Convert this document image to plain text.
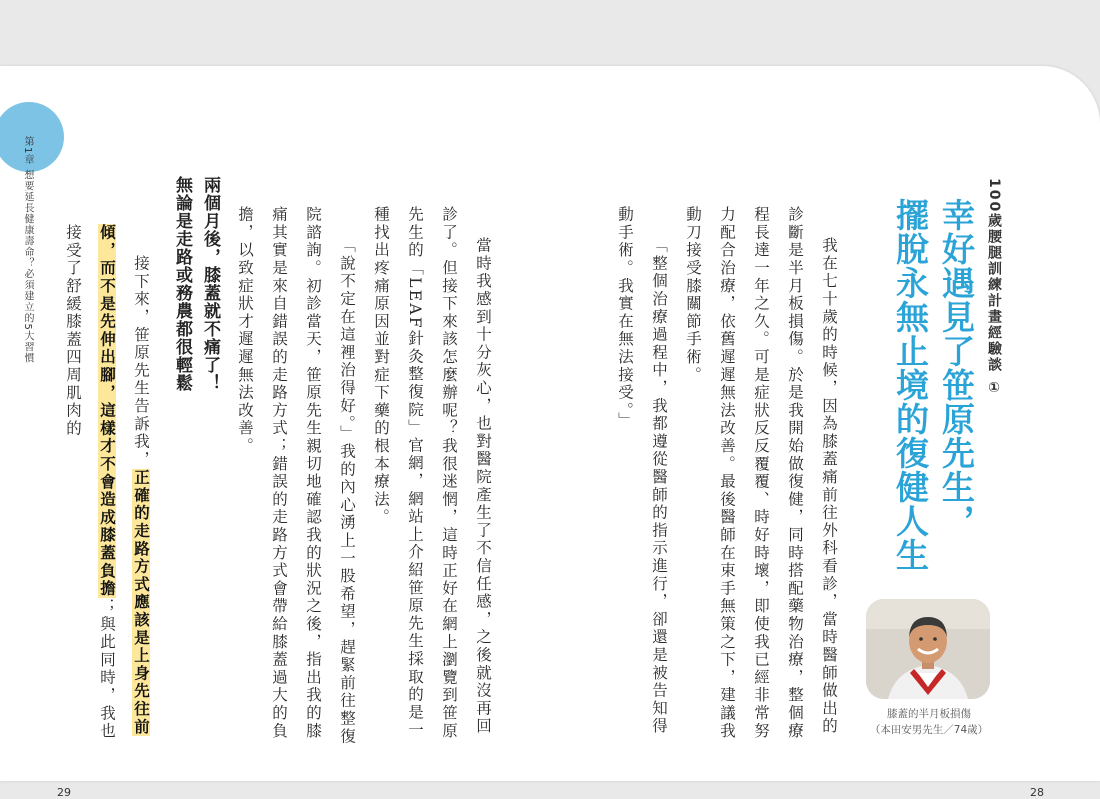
第1章 想要延長健康壽命？必須建立的5大習慣	100歲腰腿訓練計畫經驗談 ①
幸好遇見了笹原先生，
擺脫永無止境的復健人生

我在七十歲的時候，因為膝蓋痛前往外科看診，當時醫師做出的診斷是半月板損傷。於是我開始做復健，同時搭配藥物治療，整個療程長達一年之久。可是症狀反反覆覆、時好時壞，即使我已經非常努力配合治療，依舊遲遲無法改善。最後醫師在束手無策之下，建議我動刀接受膝關節手術。

「整個治療過程中，我都遵從醫師的指示進行，卻還是被告知得動手術。我實在無法接受。」

當時我感到十分灰心，也對醫院產生了不信任感，之後就沒再回診了。但接下來該怎麼辦呢？我很迷惘，這時正好在網上瀏覽到笹原先生的「LEAF針灸整復院」官網，網站上介紹笹原先生採取的是一種找出疼痛原因並對症下藥的根本療法。

「說不定在這裡治得好。」我的內心湧上一股希望，趕緊前往整復院諮詢。初診當天，笹原先生親切地確認我的狀況之後，指出我的膝痛其實是來自錯誤的走路方式；錯誤的走路方式會帶給膝蓋過大的負擔，以致症狀才遲遲無法改善。

兩個月後，膝蓋就不痛了！
無論是走路或務農都很輕鬆

接下來，笹原先生告訴我，正確的走路方式應該是上身先往前傾，而不是先伸出腳，這樣才不會造成膝蓋負擔；與此同時，我也接受了舒緩膝蓋四周肌肉的

膝蓋的半月板損傷
（本田安男先生／74歲）
29	28
